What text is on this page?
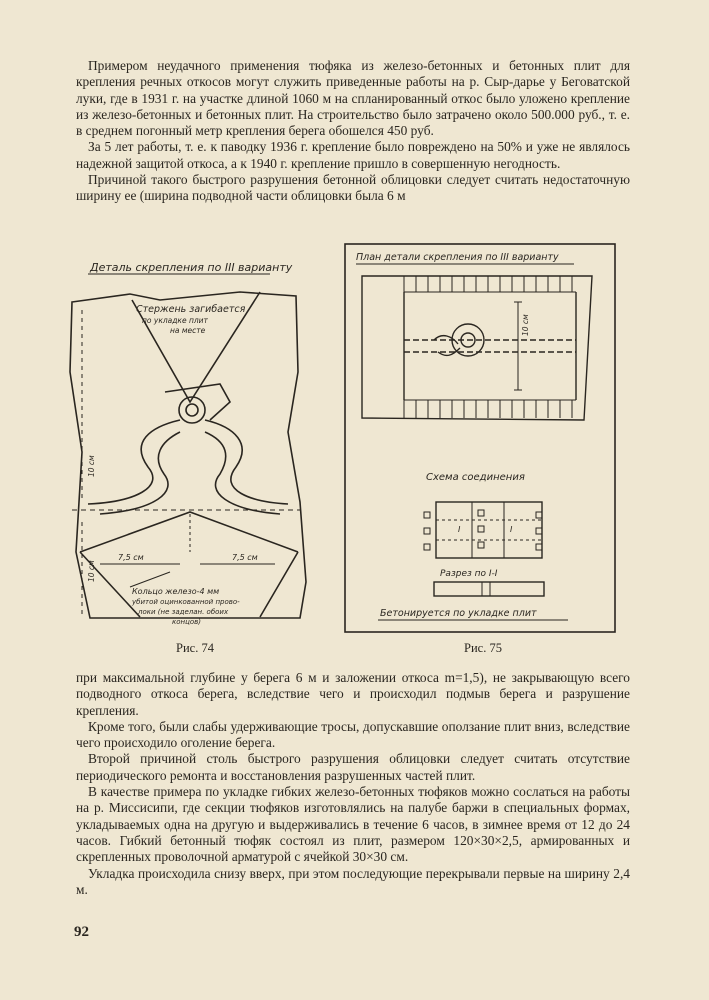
Примером неудачного применения тюфяка из железо-бетонных и бетонных плит для крепления речных откосов могут служить приведенные работы на р. Сыр-дарье у Беговатской луки, где в 1931 г. на участке длиной 1060 м на спланированный откос было уложено крепление из железо-бетонных и бетонных плит. На строительство было затрачено около 500.000 руб., т. е. в среднем погонный метр крепления берега обошелся 450 руб.

За 5 лет работы, т. е. к паводку 1936 г. крепление было повреждено на 50% и уже не являлось надежной защитой откоса, а к 1940 г. крепление пришло в совершенную негодность.

Причиной такого быстрого разрушения бетонной облицовки следует считать недостаточную ширину ее (ширина подводной части облицовки была 6 м

Деталь скрепления по III варианту
Стержень загибается
по укладке плит
на месте
10 см
10 см
7,5 см	7,5 см
Кольцо железо-4 мм
убитой оцинкованной прово-
локи (не заделан. обоих
концов)
Рис. 74
План детали скрепления по III варианту
10 см
Схема соединения
Разрез по I-I
Бетонируется по укладке плит
I
I
Рис. 75

при максимальной глубине у берега 6 м и заложении откоса m=1,5), не закрывающую всего подводного откоса берега, вследствие чего и происходил подмыв берега и разрушение крепления.

Кроме того, были слабы удерживающие тросы, допускавшие оползание плит вниз, вследствие чего происходило оголение берега.

Второй причиной столь быстрого разрушения облицовки следует считать отсутствие периодического ремонта и восстановления разрушенных частей плит.

В качестве примера по укладке гибких железо-бетонных тюфяков можно сослаться на работы на р. Миссисипи, где секции тюфяков изготовлялись на палубе баржи в специальных формах, укладываемых одна на другую и выдерживались в течение 6 часов, в зимнее время от 12 до 24 часов. Гибкий бетонный тюфяк состоял из плит, размером 120×30×2,5, армированных и скрепленных проволочной арматурой с ячейкой 30×30 см.

Укладка происходила снизу вверх, при этом последующие перекрывали первые на ширину 2,4 м.

92
